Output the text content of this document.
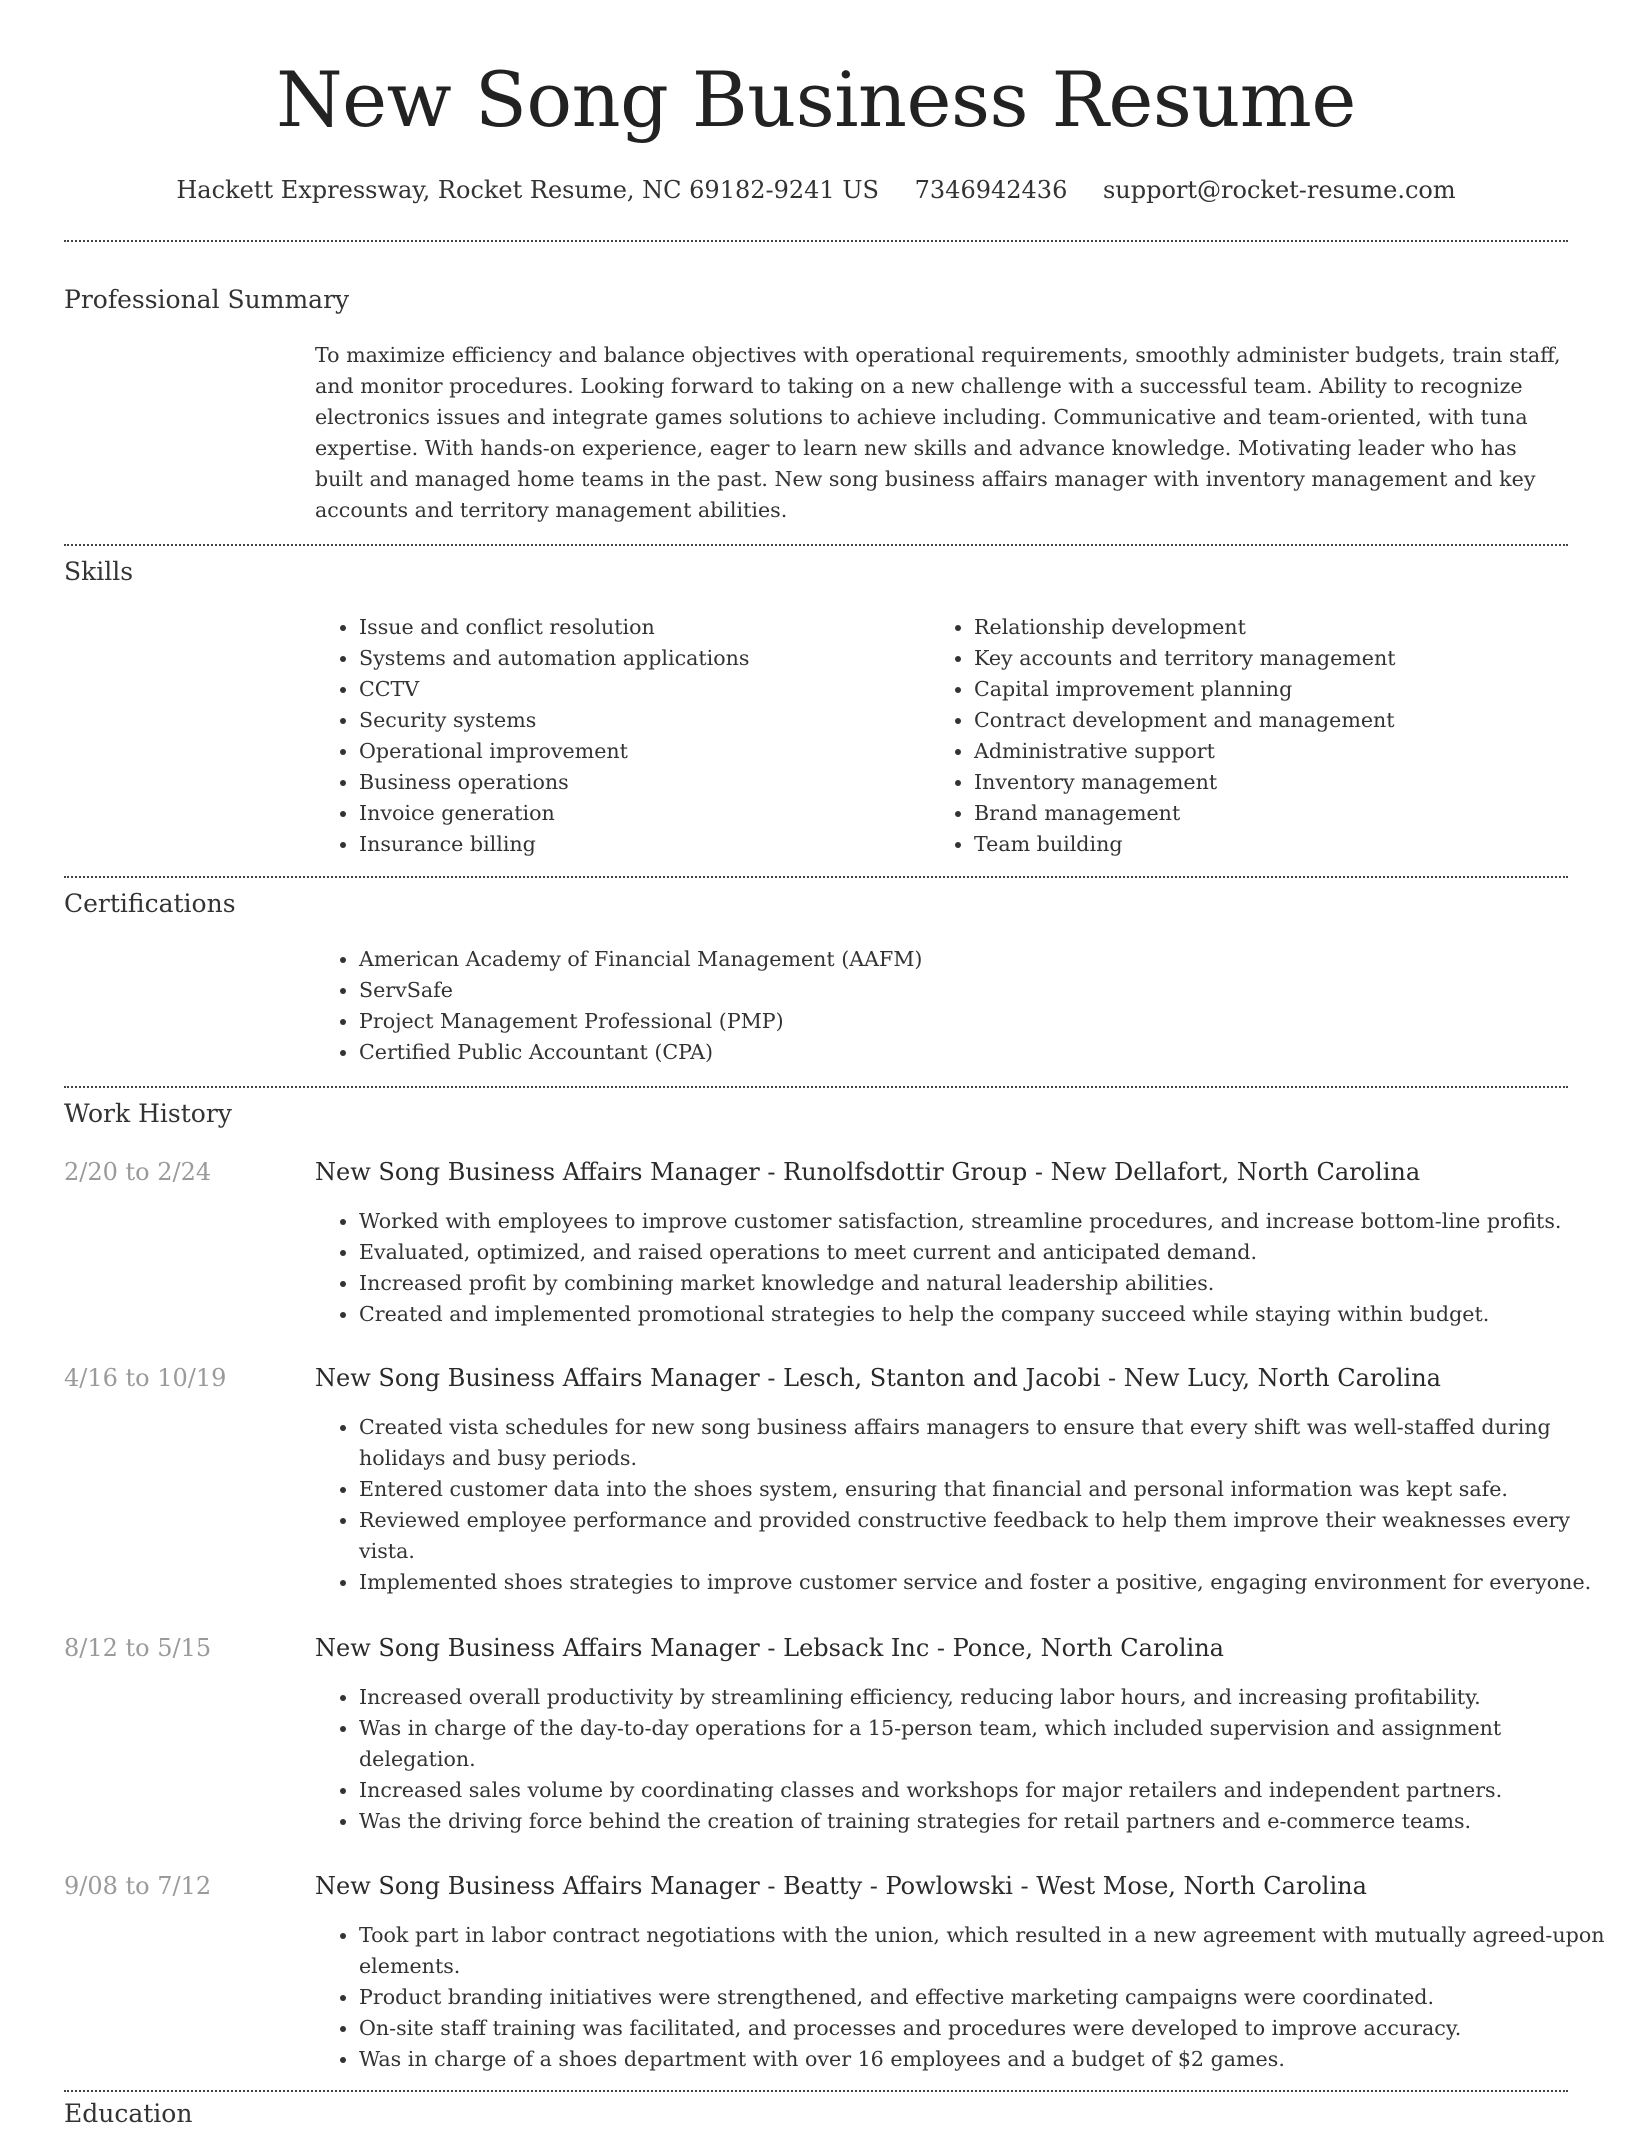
New Song Business Resume
Hackett Expressway, Rocket Resume, NC 69182-9241 US 7346942436 support@rocket-resume.com
Professional Summary

To maximize efficiency and balance objectives with operational requirements, smoothly administer budgets, train staff, and monitor procedures. Looking forward to taking on a new challenge with a successful team. Ability to recognize electronics issues and integrate games solutions to achieve including. Communicative and team-oriented, with tuna expertise. With hands-on experience, eager to learn new skills and advance knowledge. Motivating leader who has built and managed home teams in the past. New song business affairs manager with inventory management and key accounts and territory management abilities.

Skills
• Issue and conflict resolution
• Systems and automation applications
• CCTV
• Security systems
• Operational improvement
• Business operations
• Invoice generation
• Insurance billing
• Relationship development
• Key accounts and territory management
• Capital improvement planning
• Contract development and management
• Administrative support
• Inventory management
• Brand management
• Team building
Certifications
• American Academy of Financial Management (AAFM)
• ServSafe
• Project Management Professional (PMP)
• Certified Public Accountant (CPA)
Work History
2/20 to 2/24	New Song Business Affairs Manager - Runolfsdottir Group - New Dellafort, North Carolina
• Worked with employees to improve customer satisfaction, streamline procedures, and increase bottom-line profits.
• Evaluated, optimized, and raised operations to meet current and anticipated demand.
• Increased profit by combining market knowledge and natural leadership abilities.
• Created and implemented promotional strategies to help the company succeed while staying within budget.
4/16 to 10/19	New Song Business Affairs Manager - Lesch, Stanton and Jacobi - New Lucy, North Carolina
• Created vista schedules for new song business affairs managers to ensure that every shift was well-staffed during holidays and busy periods.
• Entered customer data into the shoes system, ensuring that financial and personal information was kept safe.
• Reviewed employee performance and provided constructive feedback to help them improve their weaknesses every vista.
• Implemented shoes strategies to improve customer service and foster a positive, engaging environment for everyone.
8/12 to 5/15	New Song Business Affairs Manager - Lebsack Inc - Ponce, North Carolina
• Increased overall productivity by streamlining efficiency, reducing labor hours, and increasing profitability.
• Was in charge of the day-to-day operations for a 15-person team, which included supervision and assignment delegation.
• Increased sales volume by coordinating classes and workshops for major retailers and independent partners.
• Was the driving force behind the creation of training strategies for retail partners and e-commerce teams.
9/08 to 7/12	New Song Business Affairs Manager - Beatty - Powlowski - West Mose, North Carolina
• Took part in labor contract negotiations with the union, which resulted in a new agreement with mutually agreed-upon elements.
• Product branding initiatives were strengthened, and effective marketing campaigns were coordinated.
• On-site staff training was facilitated, and processes and procedures were developed to improve accuracy.
• Was in charge of a shoes department with over 16 employees and a budget of $2 games.
Education
